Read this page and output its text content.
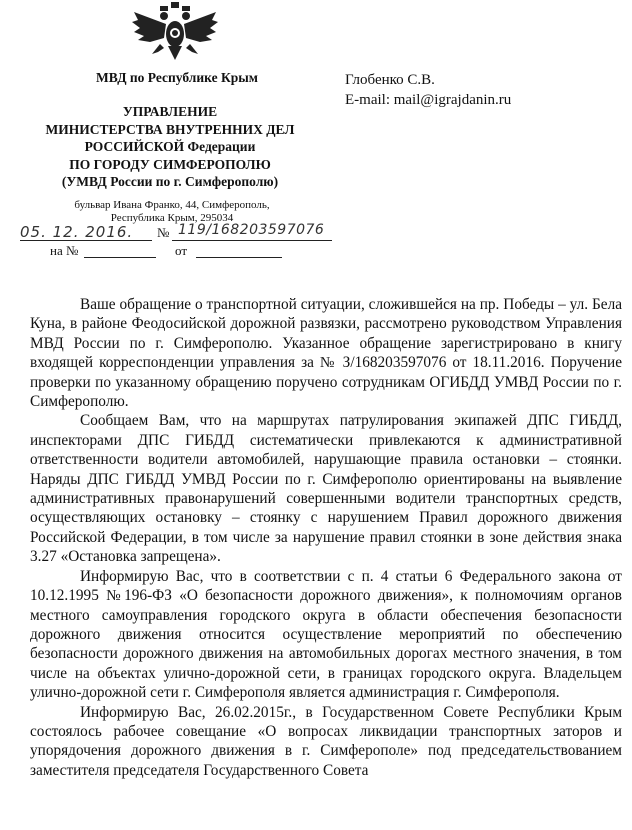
МВД по Республике Крым
УПРАВЛЕНИЕ
МИНИСТЕРСТВА ВНУТРЕННИХ ДЕЛ
РОССИЙСКОЙ Федерации
ПО ГОРОДУ СИМФЕРОПОЛЮ
(УМВД России по г. Симферополю)
бульвар Ивана Франко, 44, Симферополь,
Республика Крым, 295034
05. 12. 2016. № 119/168203597076
на №	от
Глобенко С.В.
E-mail: mail@igrajdanin.ru

Ваше обращение о транспортной ситуации, сложившейся на пр. Победы – ул. Бела Куна, в районе Феодосийской дорожной развязки, рассмотрено руководством Управления МВД России по г. Симферополю. Указанное обращение зарегистрировано в книгу входящей корреспонденции управления за № З/168203597076 от 18.11.2016. Поручение проверки по указанному обращению поручено сотрудникам ОГИБДД УМВД России по г. Симферополю.

Сообщаем Вам, что на маршрутах патрулирования экипажей ДПС ГИБДД, инспекторами ДПС ГИБДД систематически привлекаются к административной ответственности водители автомобилей, нарушающие правила остановки – стоянки. Наряды ДПС ГИБДД УМВД России по г. Симферополю ориентированы на выявление административных правонарушений совершенными водители транспортных средств, осуществляющих остановку – стоянку с нарушением Правил дорожного движения Российской Федерации, в том числе за нарушение правил стоянки в зоне действия знака 3.27 «Остановка запрещена».

Информирую Вас, что в соответствии с п. 4 статьи 6 Федерального закона от 10.12.1995 №196-ФЗ «О безопасности дорожного движения», к полномочиям органов местного самоуправления городского округа в области обеспечения безопасности дорожного движения относится осуществление мероприятий по обеспечению безопасности дорожного движения на автомобильных дорогах местного значения, в том числе на объектах улично-дорожной сети, в границах городского округа. Владельцем улично-дорожной сети г. Симферополя является администрация г. Симферополя.

Информирую Вас, 26.02.2015г., в Государственном Совете Республики Крым состоялось рабочее совещание «О вопросах ликвидации транспортных заторов и упорядочения дорожного движения в г. Симферополе» под председательствованием заместителя председателя Государственного Совета
